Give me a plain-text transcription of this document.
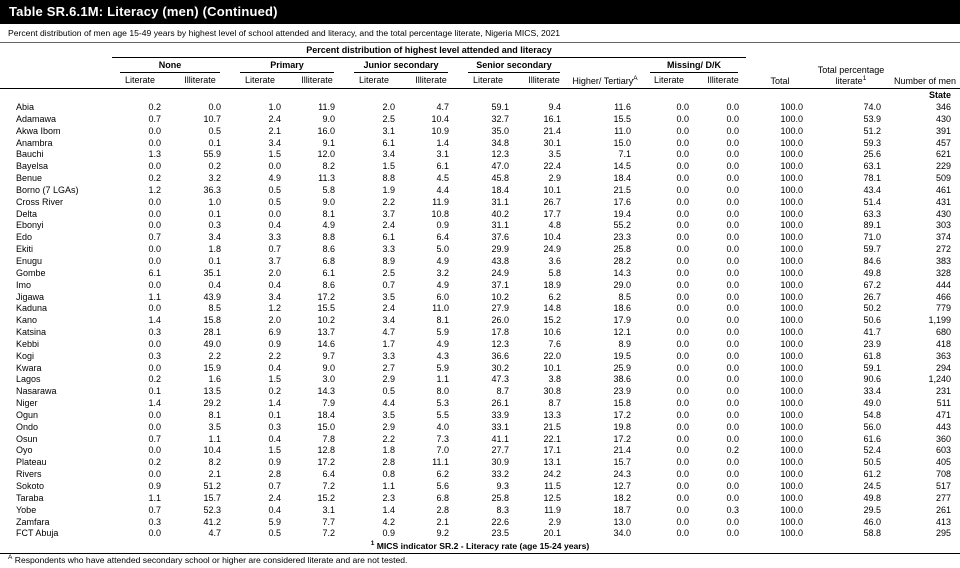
Table SR.6.1M: Literacy (men) (Continued)
Percent distribution of men age 15-49 years by highest level of school attended and literacy, and the total percentage literate, Nigeria MICS, 2021

	Percent distribution of highest level attended and literacy											Total	Total percentage literate$^1$	Number of men

	None		Primary		Junior secondary		Senior secondary		Higher/ Tertiary$^A$	Missing/ D/K				

	Literate	Illiterate	Literate	Illiterate	Literate	Illiterate	Literate	Illiterate		Literate	Illiterate			
State														
Abia	0.2	0.0	1.0	11.9	2.0	4.7	59.1	9.4	11.6	0.0	0.0	100.0	74.0	346
Adamawa	0.7	10.7	2.4	9.0	2.5	10.4	32.7	16.1	15.5	0.0	0.0	100.0	53.9	430
Akwa Ibom	0.0	0.5	2.1	16.0	3.1	10.9	35.0	21.4	11.0	0.0	0.0	100.0	51.2	391
Anambra	0.0	0.1	3.4	9.1	6.1	1.4	34.8	30.1	15.0	0.0	0.0	100.0	59.3	457
Bauchi	1.3	55.9	1.5	12.0	3.4	3.1	12.3	3.5	7.1	0.0	0.0	100.0	25.6	621
Bayelsa	0.0	0.2	0.0	8.2	1.5	6.1	47.0	22.4	14.5	0.0	0.0	100.0	63.1	229
Benue	0.2	3.2	4.9	11.3	8.8	4.5	45.8	2.9	18.4	0.0	0.0	100.0	78.1	509
Borno (7 LGAs)	1.2	36.3	0.5	5.8	1.9	4.4	18.4	10.1	21.5	0.0	0.0	100.0	43.4	461
Cross River	0.0	1.0	0.5	9.0	2.2	11.9	31.1	26.7	17.6	0.0	0.0	100.0	51.4	431
Delta	0.0	0.1	0.0	8.1	3.7	10.8	40.2	17.7	19.4	0.0	0.0	100.0	63.3	430
Ebonyi	0.0	0.3	0.4	4.9	2.4	0.9	31.1	4.8	55.2	0.0	0.0	100.0	89.1	303
Edo	0.7	3.4	3.3	8.8	6.1	6.4	37.6	10.4	23.3	0.0	0.0	100.0	71.0	374
Ekiti	0.0	1.8	0.7	8.6	3.3	5.0	29.9	24.9	25.8	0.0	0.0	100.0	59.7	272
Enugu	0.0	0.1	3.7	6.8	8.9	4.9	43.8	3.6	28.2	0.0	0.0	100.0	84.6	383
Gombe	6.1	35.1	2.0	6.1	2.5	3.2	24.9	5.8	14.3	0.0	0.0	100.0	49.8	328
Imo	0.0	0.4	0.4	8.6	0.7	4.9	37.1	18.9	29.0	0.0	0.0	100.0	67.2	444
Jigawa	1.1	43.9	3.4	17.2	3.5	6.0	10.2	6.2	8.5	0.0	0.0	100.0	26.7	466
Kaduna	0.0	8.5	1.2	15.5	2.4	11.0	27.9	14.8	18.6	0.0	0.0	100.0	50.2	779
Kano	1.4	15.8	2.0	10.2	3.4	8.1	26.0	15.2	17.9	0.0	0.0	100.0	50.6	1,199
Katsina	0.3	28.1	6.9	13.7	4.7	5.9	17.8	10.6	12.1	0.0	0.0	100.0	41.7	680
Kebbi	0.0	49.0	0.9	14.6	1.7	4.9	12.3	7.6	8.9	0.0	0.0	100.0	23.9	418
Kogi	0.3	2.2	2.2	9.7	3.3	4.3	36.6	22.0	19.5	0.0	0.0	100.0	61.8	363
Kwara	0.0	15.9	0.4	9.0	2.7	5.9	30.2	10.1	25.9	0.0	0.0	100.0	59.1	294
Lagos	0.2	1.6	1.5	3.0	2.9	1.1	47.3	3.8	38.6	0.0	0.0	100.0	90.6	1,240
Nasarawa	0.1	13.5	0.2	14.3	0.5	8.0	8.7	30.8	23.9	0.0	0.0	100.0	33.4	231
Niger	1.4	29.2	1.4	7.9	4.4	5.3	26.1	8.7	15.8	0.0	0.0	100.0	49.0	511
Ogun	0.0	8.1	0.1	18.4	3.5	5.5	33.9	13.3	17.2	0.0	0.0	100.0	54.8	471
Ondo	0.0	3.5	0.3	15.0	2.9	4.0	33.1	21.5	19.8	0.0	0.0	100.0	56.0	443
Osun	0.7	1.1	0.4	7.8	2.2	7.3	41.1	22.1	17.2	0.0	0.0	100.0	61.6	360
Oyo	0.0	10.4	1.5	12.8	1.8	7.0	27.7	17.1	21.4	0.0	0.2	100.0	52.4	603
Plateau	0.2	8.2	0.9	17.2	2.8	11.1	30.9	13.1	15.7	0.0	0.0	100.0	50.5	405
Rivers	0.0	2.1	2.8	6.4	0.8	6.2	33.2	24.2	24.3	0.0	0.0	100.0	61.2	708
Sokoto	0.9	51.2	0.7	7.2	1.1	5.6	9.3	11.5	12.7	0.0	0.0	100.0	24.5	517
Taraba	1.1	15.7	2.4	15.2	2.3	6.8	25.8	12.5	18.2	0.0	0.0	100.0	49.8	277
Yobe	0.7	52.3	0.4	3.1	1.4	2.8	8.3	11.9	18.7	0.0	0.3	100.0	29.5	261
Zamfara	0.3	41.2	5.9	7.7	4.2	2.1	22.6	2.9	13.0	0.0	0.0	100.0	46.0	413
FCT Abuja	0.0	4.7	0.5	7.2	0.9	9.2	23.5	20.1	34.0	0.0	0.0	100.0	58.8	295
$^1$ MICS indicator SR.2 - Literacy rate (age 15-24 years)
$^A$ Respondents who have attended secondary school or higher are considered literate and are not tested.
